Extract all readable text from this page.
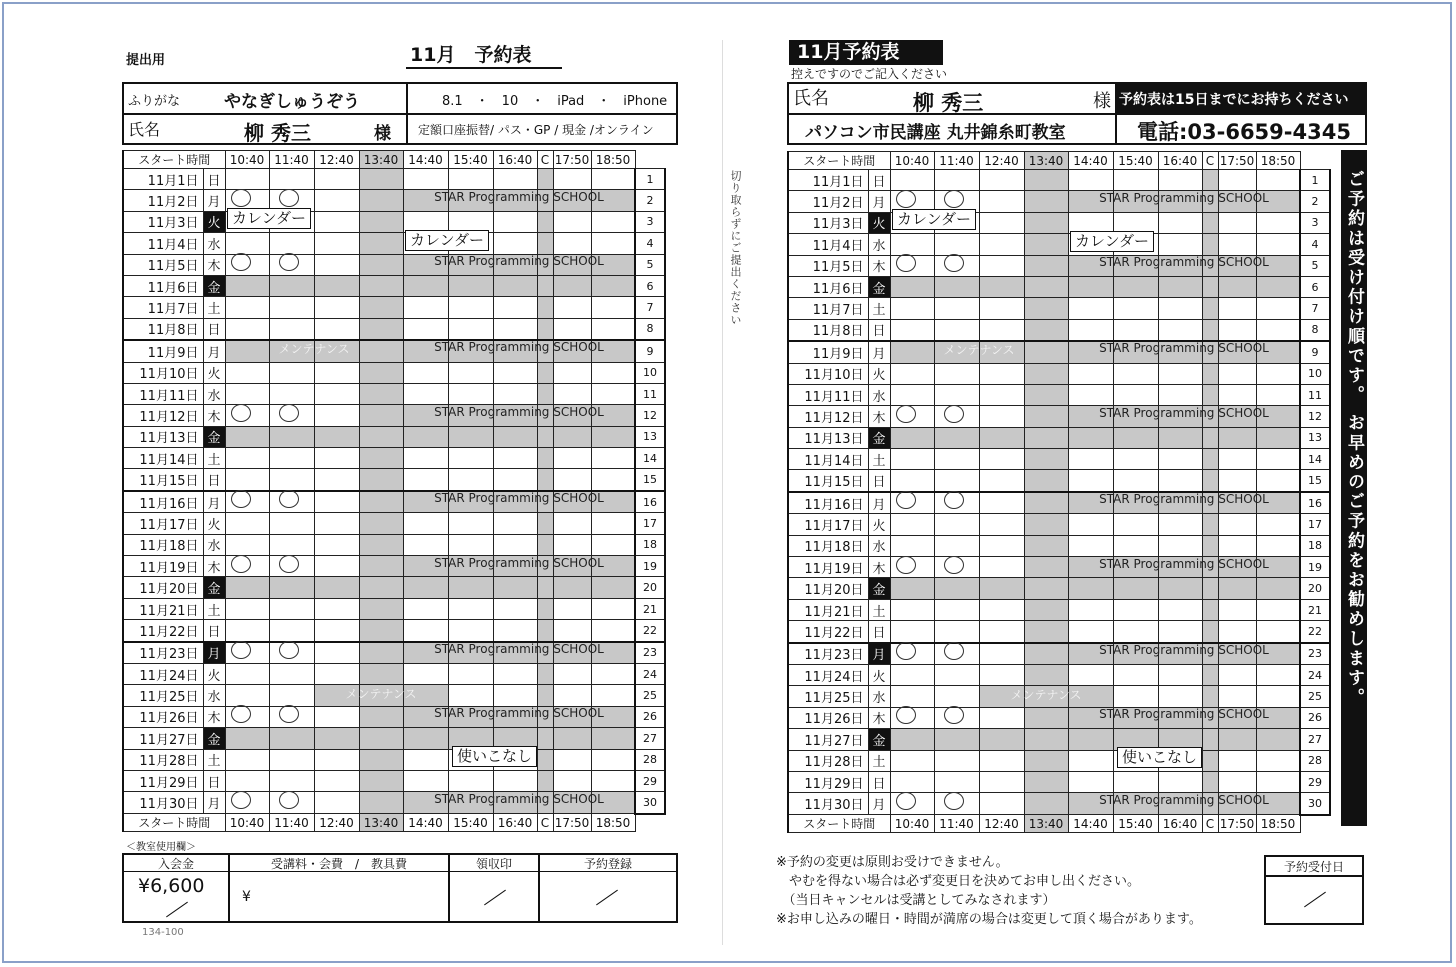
提出用	11月　予約表
ふりがな	やなぎしゅうぞう	8.1　・　10　・　iPad　・　iPhone
氏名	柳 秀三	様 定額口座振替/ パス・GP / 現金 /オンライン
スタート時間		10:40	11:40	12:40	13:40	14:40	15:40	16:40	C	17:50	18:50	
11月1日	日											1
11月2日	月											2
11月3日	火											3
11月4日	水											4
11月5日	木											5
11月6日	金											6
11月7日	土											7
11月8日	日											8
11月9日	月											9
11月10日	火											10
11月11日	水											11
11月12日	木											12
11月13日	金											13
11月14日	土											14
11月15日	日											15
11月16日	月											16
11月17日	火											17
11月18日	水											18
11月19日	木											19
11月20日	金											20
11月21日	土											21
11月22日	日											22
11月23日	月											23
11月24日	火											24
11月25日	水											25
11月26日	木											26
11月27日	金											27
11月28日	土											28
11月29日	日											29
11月30日	月											30
スタート時間		10:40	11:40	12:40	13:40	14:40	15:40	16:40	C	17:50	18:50	
＜教室使用欄＞
入会金	受講料・会費　/　教具費	領収印	予約登録
¥6,600	¥
134-100
切り取らずにご提出ください
11月予約表
控えですのでご記入ください
氏名	柳 秀三	様 予約表は15日までにお持ちください
パソコン市民講座 丸井錦糸町教室	電話:03-6659-4345
スタート時間		10:40	11:40	12:40	13:40	14:40	15:40	16:40	C	17:50	18:50	
11月1日	日											1
11月2日	月											2
11月3日	火											3
11月4日	水											4
11月5日	木											5
11月6日	金											6
11月7日	土											7
11月8日	日											8
11月9日	月											9
11月10日	火											10
11月11日	水											11
11月12日	木											12
11月13日	金											13
11月14日	土											14
11月15日	日											15
11月16日	月											16
11月17日	火											17
11月18日	水											18
11月19日	木											19
11月20日	金											20
11月21日	土											21
11月22日	日											22
11月23日	月											23
11月24日	火											24
11月25日	水											25
11月26日	木											26
11月27日	金											27
11月28日	土											28
11月29日	日											29
11月30日	月											30
スタート時間		10:40	11:40	12:40	13:40	14:40	15:40	16:40	C	17:50	18:50	
ご予約は受け付け順です。 お早めのご予約をお勧めします。
※予約の変更は原則お受けできません。
　やむを得ない場合は必ず変更日を決めてお申し出ください。
　（当日キャンセルは受講としてみなされます）
※お申し込みの曜日・時間が満席の場合は変更して頂く場合があります。
予約受付日
STAR Programming SCHOOL
STAR Programming SCHOOL
STAR Programming SCHOOL
STAR Programming SCHOOL
STAR Programming SCHOOL
STAR Programming SCHOOL
STAR Programming SCHOOL
STAR Programming SCHOOL
STAR Programming SCHOOL
メンテナンス
メンテナンス
カレンダー
カレンダー
使いこなし
STAR Programming SCHOOL
STAR Programming SCHOOL
STAR Programming SCHOOL
STAR Programming SCHOOL
STAR Programming SCHOOL
STAR Programming SCHOOL
STAR Programming SCHOOL
STAR Programming SCHOOL
STAR Programming SCHOOL
メンテナンス
メンテナンス
カレンダー
カレンダー
使いこなし
